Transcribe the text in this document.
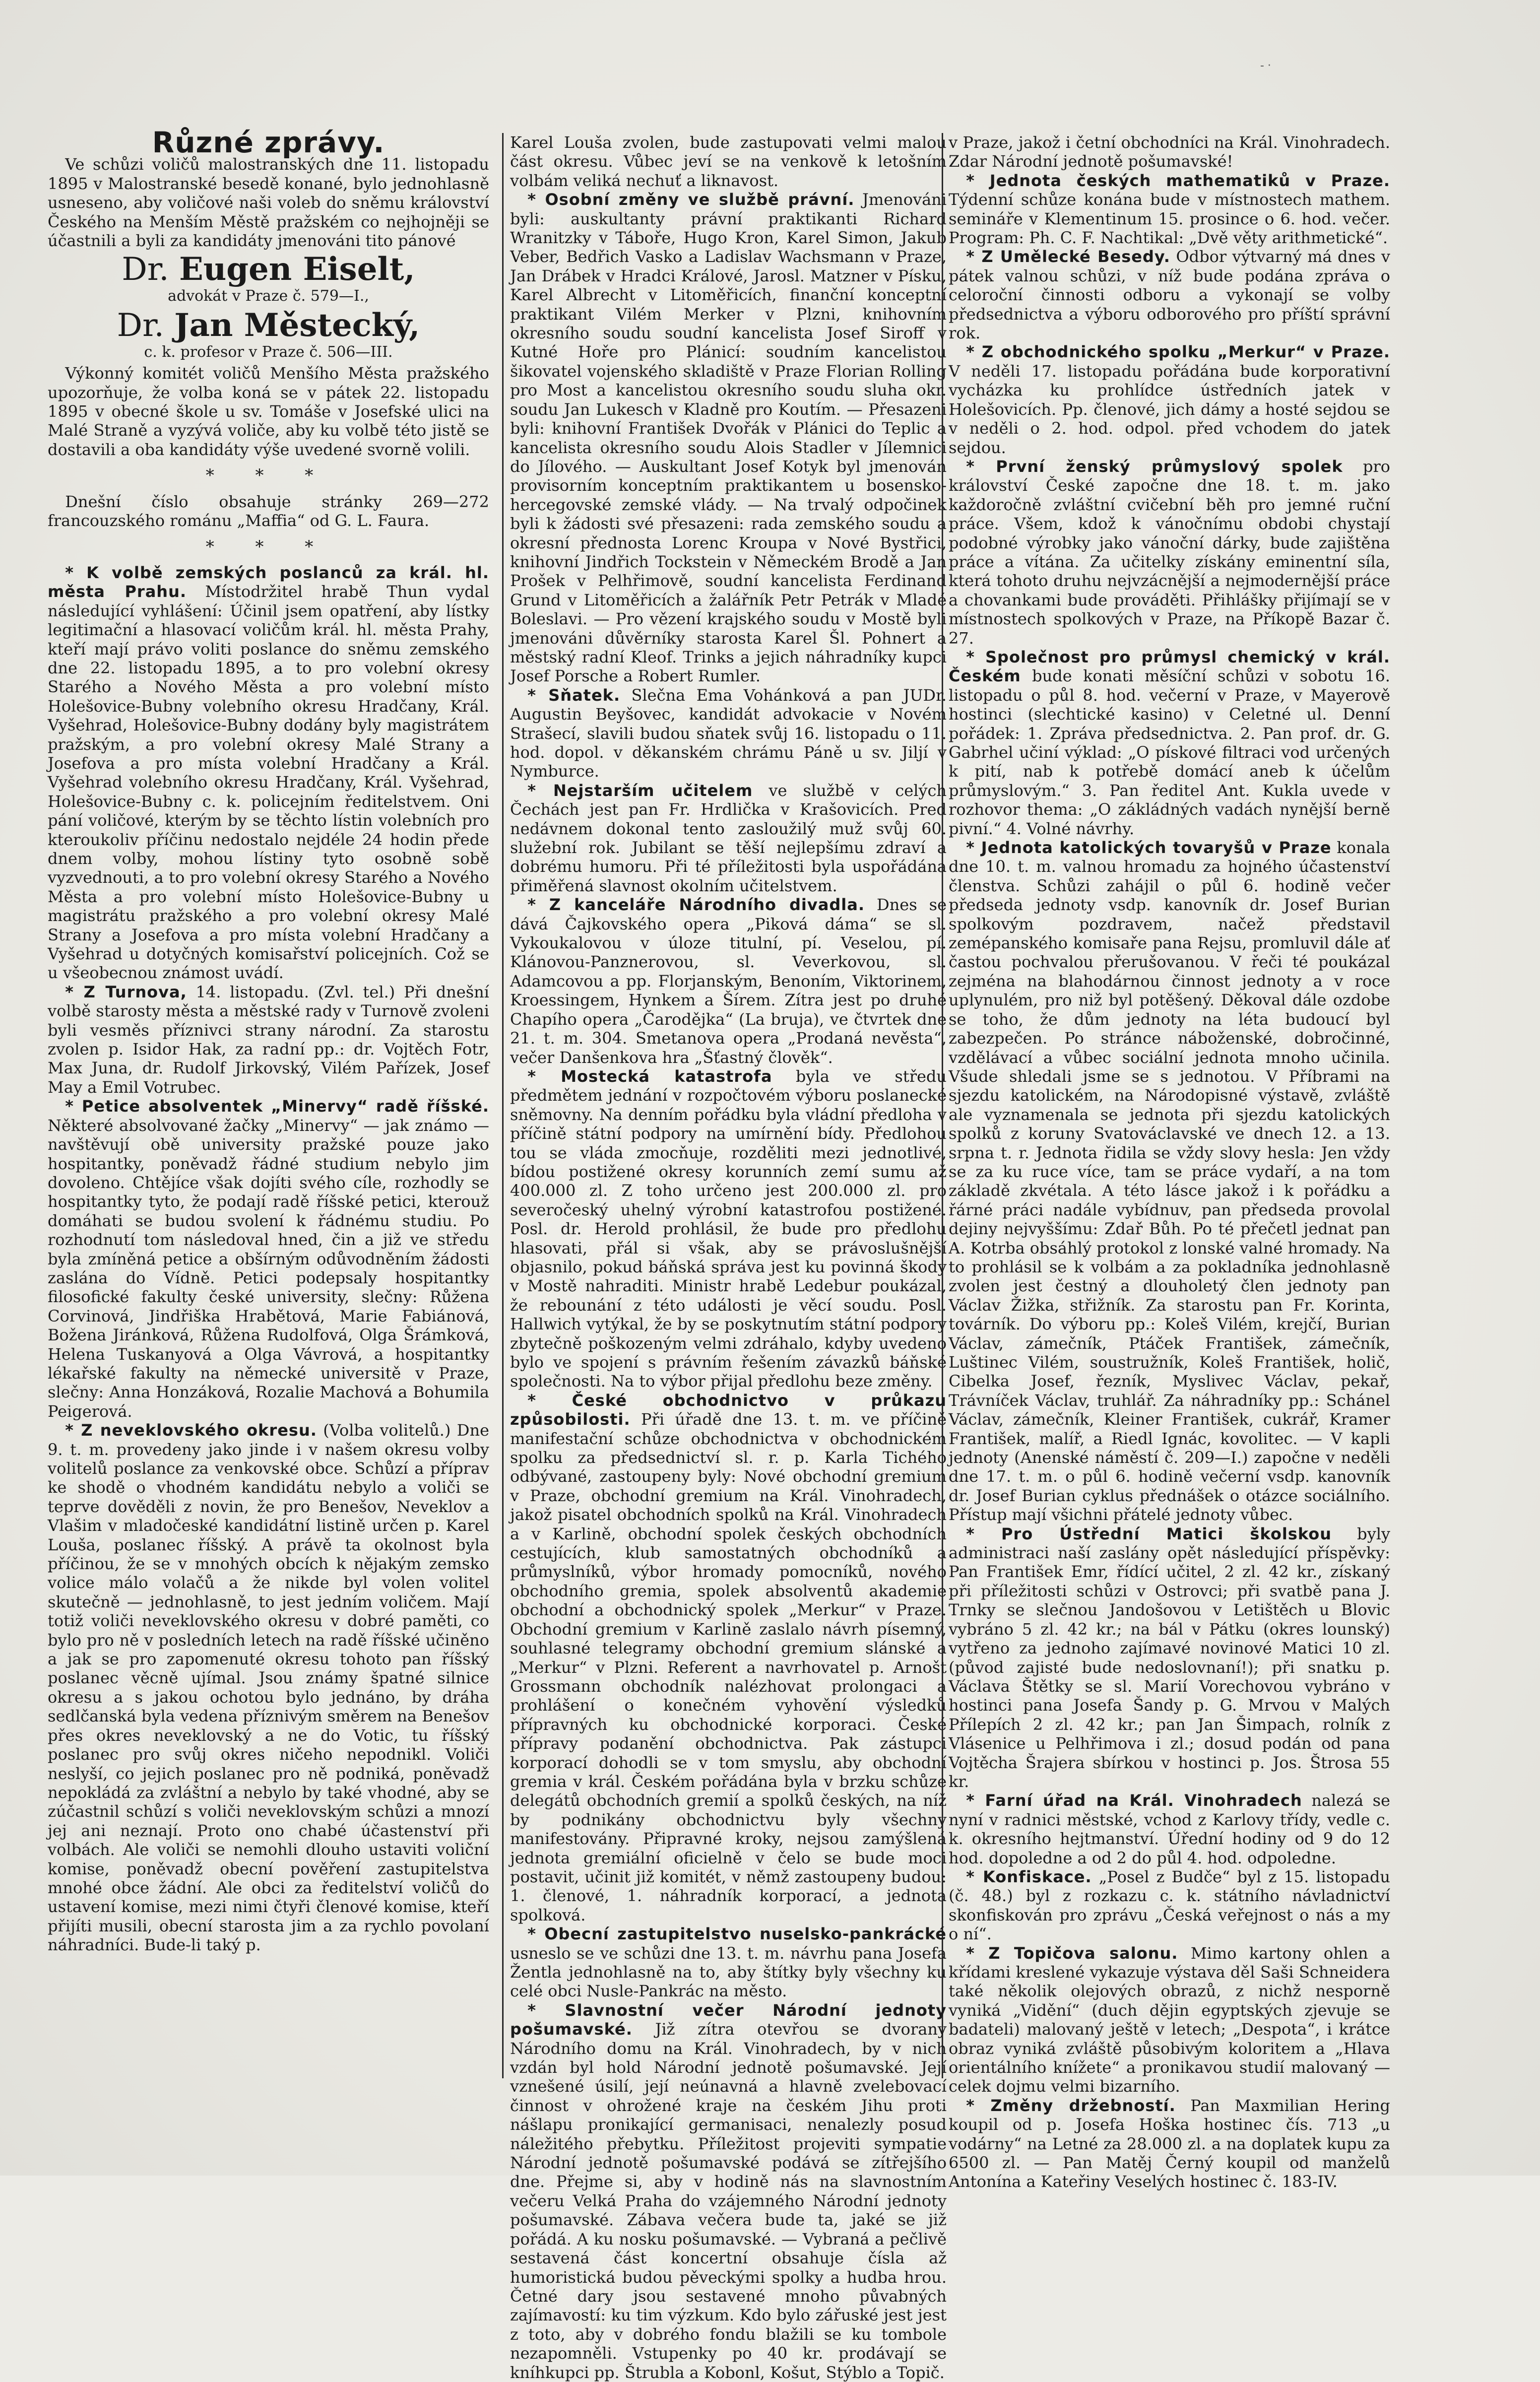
- ·
Různé zprávy.

Ve schůzi voličů malostranských dne 11. listopadu 1895 v Malostranské besedě konané, bylo jednohlasně usneseno, aby voličové naši voleb do sněmu království Českého na Menším Městě pražském co nejhojněji se účastnili a byli za kandidáty jmenováni tito pánové

Dr. Eugen Eiselt,
advokát v Praze č. 579—I.,
Dr. Jan Městecký,
c. k. profesor v Praze č. 506—III.

Výkonný komitét voličů Menšího Města pražského upozorňuje, že volba koná se v pátek 22. listopadu 1895 v obecné škole u sv. Tomáše v Josefské ulici na Malé Straně a vyzývá voliče, aby ku volbě této jistě se dostavili a oba kandidáty výše uvedené svorně volili.

* * *

Dnešní číslo obsahuje stránky 269—272 francouzského románu „Maffia“ od G. L. Faura.

* * *

* K volbě zemských poslanců za král. hl. města Prahu. Místodržitel hrabě Thun vydal následující vyhlášení: Účinil jsem opatření, aby lístky legitimační a hlasovací voličům král. hl. města Prahy, kteří mají právo voliti poslance do sněmu zemského dne 22. listopadu 1895, a to pro volební okresy Starého a Nového Města a pro volební místo Holešovice-Bubny volebního okresu Hradčany, Král. Vyšehrad, Holešovice-Bubny dodány byly magistrátem pražským, a pro volební okresy Malé Strany a Josefova a pro místa volební Hradčany a Král. Vyšehrad volebního okresu Hradčany, Král. Vyšehrad, Holešovice-Bubny c. k. policejním ředitelstvem. Oni pání voličové, kterým by se těchto lístin volebních pro kteroukoliv příčinu nedostalo nejdéle 24 hodin přede dnem volby, mohou lístiny tyto osobně sobě vyzvednouti, a to pro volební okresy Starého a Nového Města a pro volební místo Holešovice-Bubny u magistrátu pražského a pro volební okresy Malé Strany a Josefova a pro místa volební Hradčany a Vyšehrad u dotyčných komisařství policejních. Což se u všeobecnou známost uvádí.

* Z Turnova, 14. listopadu. (Zvl. tel.) Při dnešní volbě starosty města a městské rady v Turnově zvoleni byli vesměs příznivci strany národní. Za starostu zvolen p. Isidor Hak, za radní pp.: dr. Vojtěch Fotr, Max Juna, dr. Rudolf Jirkovský, Vilém Pařízek, Josef May a Emil Votrubec.

* Petice absolventek „Minervy“ radě říšské. Některé absolvované žačky „Minervy“ — jak známo — navštěvují obě university pražské pouze jako hospitantky, poněvadž řádné studium nebylo jim dovoleno. Chtějíce však dojíti svého cíle, rozhodly se hospitantky tyto, že podají radě říšské petici, kterouž domáhati se budou svolení k řádnému studiu. Po rozhodnutí tom následoval hned, čin a již ve středu byla zmíněná petice a obšírným odůvodněním žádosti zaslána do Vídně. Petici podepsaly hospitantky filosofické fakulty české university, slečny: Růžena Corvinová, Jindřiška Hrabětová, Marie Fabiánová, Božena Jiránková, Růžena Rudolfová, Olga Šrámková, Helena Tuskanyová a Olga Vávrová, a hospitantky lékařské fakulty na německé universitě v Praze, slečny: Anna Honzáková, Rozalie Machová a Bohumila Peigerová.

* Z neveklovského okresu. (Volba volitelů.) Dne 9. t. m. provedeny jako jinde i v našem okresu volby volitelů poslance za venkovské obce. Schůzí a příprav ke shodě o vhodném kandidátu nebylo a voliči se teprve dověděli z novin, že pro Benešov, Neveklov a Vlašim v mladočeské kandidátní listině určen p. Karel Louša, poslanec říšský. A právě ta okolnost byla příčinou, že se v mnohých obcích k nějakým zemsko volice málo volačů a že nikde byl volen volitel skutečně — jednohlasně, to jest jedním voličem. Mají totiž voliči neveklovského okresu v dobré paměti, co bylo pro ně v posledních letech na radě říšské učiněno a jak se pro zapomenuté okresu tohoto pan říšský poslanec věcně ujímal. Jsou známy špatné silnice okresu a s jakou ochotou bylo jednáno, by dráha sedlčanská byla vedena příznivým směrem na Benešov přes okres neveklovský a ne do Votic, tu říšský poslanec pro svůj okres ničeho nepodnikl. Voliči neslyší, co jejich poslanec pro ně podniká, poněvadž nepokládá za zvláštní a nebylo by také vhodné, aby se zúčastnil schůzí s voliči neveklovským schůzi a mnozí jej ani neznají. Proto ono chabé účastenství při volbách. Ale voliči se nemohli dlouho ustaviti voliční komise, poněvadž obecní pověření zastupitelstva mnohé obce žádní. Ale obci za ředitelství voličů do ustavení komise, mezi nimi čtyři členové komise, kteří přijíti musili, obecní starosta jim a za rychlo povolaní náhradníci. Bude-li taký p.

Karel Louša zvolen, bude zastupovati velmi malou část okresu. Vůbec jeví se na venkově k letošním volbám veliká nechuť a liknavost.

* Osobní změny ve službě právní. Jmenováni byli: auskultanty právní praktikanti Richard Wranitzky v Táboře, Hugo Kron, Karel Simon, Jakub Veber, Bedřich Vasko a Ladislav Wachsmann v Praze, Jan Drábek v Hradci Králové, Jarosl. Matzner v Písku, Karel Albrecht v Litoměřicích, finanční konceptní praktikant Vilém Merker v Plzni, knihovním okresního soudu soudní kancelista Josef Siroff v Kutné Hoře pro Plánicí: soudním kancelistou šikovatel vojenského skladiště v Praze Florian Rolling pro Most a kancelistou okresního soudu sluha okr. soudu Jan Lukesch v Kladně pro Koutím. — Přesazeni byli: knihovní František Dvořák v Plánici do Teplic a kancelista okresního soudu Alois Stadler v Jílemnici do Jílového. — Auskultant Josef Kotyk byl jmenován provisorním konceptním praktikantem u bosensko-hercegovské zemské vlády. — Na trvalý odpočinek byli k žádosti své přesazeni: rada zemského soudu a okresní přednosta Lorenc Kroupa v Nové Bystřici, knihovní Jindřich Tockstein v Německém Brodě a Jan Prošek v Pelhřimově, soudní kancelista Ferdinand Grund v Litoměřicích a žalářník Petr Petrák v Mladé Boleslavi. — Pro vězení krajského soudu v Mostě byli jmenováni důvěrníky starosta Karel Šl. Pohnert a městský radní Kleof. Trinks a jejich náhradníky kupci Josef Porsche a Robert Rumler.

* Sňatek. Slečna Ema Vohánková a pan JUDr. Augustin Beyšovec, kandidát advokacie v Novém Strašecí, slavili budou sňatek svůj 16. listopadu o 11. hod. dopol. v děkanském chrámu Páně u sv. Jiljí v Nymburce.

* Nejstarším učitelem ve službě v celých Čechách jest pan Fr. Hrdlička v Krašovicích. Pred nedávnem dokonal tento zasloužilý muž svůj 60. služební rok. Jubilant se těší nejlepšímu zdraví a dobrému humoru. Při té příležitosti byla uspořádána přiměřená slavnost okolním učitelstvem.

* Z kanceláře Národního divadla. Dnes se dává Čajkovského opera „Piková dáma“ se sl. Vykoukalovou v úloze titulní, pí. Veselou, pí. Klánovou-Panznerovou, sl. Veverkovou, sl. Adamcovou a pp. Florjanským, Benoním, Viktorinem, Kroessingem, Hynkem a Šírem. Zítra jest po druhé Chapího opera „Čarodějka“ (La bruja), ve čtvrtek dne 21. t. m. 304. Smetanova opera „Prodaná nevěsta“, večer Danšenkova hra „Šťastný člověk“.

* Mostecká katastrofa byla ve středu předmětem jednání v rozpočtovém výboru poslanecké sněmovny. Na denním pořádku byla vládní předloha v příčině státní podpory na umírnění bídy. Předlohou tou se vláda zmocňuje, rozděliti mezi jednotlivé, bídou postižené okresy korunních zemí sumu až 400.000 zl. Z toho určeno jest 200.000 zl. pro severočeský uhelný výrobní katastrofou postižené. Posl. dr. Herold prohlásil, že bude pro předlohu hlasovati, přál si však, aby se právoslušnější objasnilo, pokud báňská správa jest ku povinná škody v Mostě nahraditi. Ministr hrabě Ledebur poukázal, že rebounání z této události je věcí soudu. Posl. Hallwich vytýkal, že by se poskytnutím státní podpory zbytečně poškozeným velmi zdráhalo, kdyby uvedeno bylo ve spojení s právním řešením závazků báňské společnosti. Na to výbor přijal předlohu beze změny.

* České obchodnictvo v průkazu způsobilosti. Při úřadě dne 13. t. m. ve příčině manifestační schůze obchodnictva v obchodnickém spolku za předsednictví sl. r. p. Karla Tichého odbývané, zastoupeny byly: Nové obchodní gremium v Praze, obchodní gremium na Král. Vinohradech, jakož pisatel obchodních spolků na Král. Vinohradech a v Karlině, obchodní spolek českých obchodních cestujících, klub samostatných obchodníků a průmyslníků, výbor hromady pomocníků, nového obchodního gremia, spolek absolventů akademie obchodní a obchodnický spolek „Merkur“ v Praze. Obchodní gremium v Karlině zaslalo návrh písemný, souhlasné telegramy obchodní gremium slánské a „Merkur“ v Plzni. Referent a navrhovatel p. Arnošt Grossmann obchodník nalézhovat prolongaci a prohlášení o konečném vyhovění výsledků přípravných ku obchodnické korporaci. České přípravy podanění obchodnictva. Pak zástupci korporací dohodli se v tom smyslu, aby obchodní gremia v král. Českém pořádána byla v brzku schůze delegátů obchodních gremií a spolků českých, na níž by podnikány obchodnictvu byly všechny manifestovány. Připravné kroky, nejsou zamýšlená jednota gremiální oficielně v čelo se bude moci postavit, učinit již komitét, v němž zastoupeny budou: 1. členové, 1. náhradník korporací, a jednota spolková.

* Obecní zastupitelstvo nuselsko-pankrácké usneslo se ve schůzi dne 13. t. m. návrhu pana Josefa Žentla jednohlasně na to, aby štítky byly všechny ku celé obci Nusle-Pankrác na město.

* Slavnostní večer Národní jednoty pošumavské. Již zítra otevřou se dvorany Národního domu na Král. Vinohradech, by v nich vzdán byl hold Národní jednotě pošumavské. Její vznešené úsilí, její neúnavná a hlavně zvelebovací činnost v ohrožené kraje na českém Jihu proti nášlapu pronikající germanisaci, nenalezly posud náležitého přebytku. Příležitost projeviti sympatie Národní jednotě pošumavské podává se zítřejšího dne. Přejme si, aby v hodině nás na slavnostním večeru Velká Praha do vzájemného Národní jednoty pošumavské. Zábava večera bude ta, jaké se již pořádá. A ku nosku pošumavské. — Vybraná a pečlivě sestavená část koncertní obsahuje čísla až humoristická budou pěveckými spolky a hudba hrou. Četné dary jsou sestavené mnoho půvabných zajímavostí: ku tim výzkum. Kdo bylo zářuské jest jest z toto, aby v dobrého fondu blažili se ku tombole nezapomněli. Vstupenky po 40 kr. prodávají se kníhkupci pp. Štrubla a Kobonl, Košut, Stýblo a Topič.

v Praze, jakož i četní obchodníci na Král. Vinohradech. Zdar Národní jednotě pošumavské!

* Jednota českých mathematiků v Praze. Týdenní schůze konána bude v místnostech mathem. semináře v Klementinum 15. prosince o 6. hod. večer. Program: Ph. C. F. Nachtikal: „Dvě věty arithmetické“.

* Z Umělecké Besedy. Odbor výtvarný má dnes v pátek valnou schůzi, v níž bude podána zpráva o celoroční činnosti odboru a vykonají se volby předsednictva a výboru odborového pro příští správní rok.

* Z obchodnického spolku „Merkur“ v Praze. V neděli 17. listopadu pořádána bude korporativní vycházka ku prohlídce ústředních jatek v Holešovicích. Pp. členové, jich dámy a hosté sejdou se v neděli o 2. hod. odpol. před vchodem do jatek sejdou.

* První ženský průmyslový spolek pro království České započne dne 18. t. m. jako každoročně zvláštní cvičební běh pro jemné ruční práce. Všem, kdož k vánočnímu obdobi chystají podobné výrobky jako vánoční dárky, bude zajištěna práce a vítána. Za učitelky získány eminentní síla, která tohoto druhu nejvzácnější a nejmodernější práce a chovankami bude prováděti. Přihlášky přijímají se v místnostech spolkových v Praze, na Příkopě Bazar č. 27.

* Společnost pro průmysl chemický v král. Českém bude konati měsíční schůzi v sobotu 16. listopadu o půl 8. hod. večerní v Praze, v Mayerově hostinci (slechtické kasino) v Celetné ul. Denní pořádek: 1. Zpráva předsednictva. 2. Pan prof. dr. G. Gabrhel učiní výklad: „O pískové filtraci vod určených k pití, nab k potřebě domácí aneb k účelům průmyslovým.“ 3. Pan ředitel Ant. Kukla uvede v rozhovor thema: „O zákládných vadách nynější berně pivní.“ 4. Volné návrhy.

* Jednota katolických tovaryšů v Praze konala dne 10. t. m. valnou hromadu za hojného účastenství členstva. Schůzi zahájil o půl 6. hodině večer předseda jednoty vsdp. kanovník dr. Josef Burian spolkovým pozdravem, načež představil zemépanského komisaře pana Rejsu, promluvil dále ať častou pochvalou přerušovanou. V řeči té poukázal zejména na blahodárnou činnost jednoty a v roce uplynulém, pro niž byl potěšený. Děkoval dále ozdobe se toho, že dům jednoty na léta budoucí byl zabezpečen. Po stránce náboženské, dobročinné, vzdělávací a vůbec sociální jednota mnoho učinila. Všude shledali jsme se s jednotou. V Příbrami na sjezdu katolickém, na Národopisné výstavě, zvláště ale vyznamenala se jednota při sjezdu katolických spolků z koruny Svatováclavské ve dnech 12. a 13. srpna t. r. Jednota řidila se vždy slovy hesla: Jen vždy se za ku ruce více, tam se práce vydaří, a na tom základě zkvétala. A této lásce jakož i k pořádku a řárné práci nadále vybídnuv, pan předseda provolal dejiny nejvyššímu: Zdař Bůh. Po té přečetl jednat pan A. Kotrba obsáhlý protokol z lonské valné hromady. Na to prohlásil se k volbám a za pokladníka jednohlasně zvolen jest čestný a dlouholetý člen jednoty pan Václav Žižka, střižník. Za starostu pan Fr. Korinta, továrník. Do výboru pp.: Koleš Vilém, krejčí, Burian Václav, zámečník, Ptáček František, zámečník, Luštinec Vilém, soustružník, Koleš František, holič, Cibelka Josef, řezník, Myslivec Václav, pekař, Trávníček Václav, truhlář. Za náhradníky pp.: Schánel Václav, zámečník, Kleiner František, cukrář, Kramer František, malíř, a Riedl Ignác, kovolitec. — V kapli jednoty (Anenské náměstí č. 209—I.) započne v neděli dne 17. t. m. o půl 6. hodině večerní vsdp. kanovník dr. Josef Burian cyklus přednášek o otázce sociálního. Přístup mají všichni přátelé jednoty vůbec.

* Pro Ústřední Matici školskou byly administraci naší zaslány opět následující příspěvky: Pan František Emr, řídící učitel, 2 zl. 42 kr., získaný při příležitosti schůzi v Ostrovci; při svatbě pana J. Trnky se slečnou Jandošovou v Letištěch u Blovic vybráno 5 zl. 42 kr.; na bál v Pátku (okres lounský) vytřeno za jednoho zajímavé novinové Matici 10 zl. (původ zajisté bude nedoslovnaní!); při snatku p. Václava Štětky se sl. Marií Vorechovou vybráno v hostinci pana Josefa Šandy p. G. Mrvou v Malých Přílepích 2 zl. 42 kr.; pan Jan Šimpach, rolník z Vlásenice u Pelhřimova i zl.; dosud podán od pana Vojtěcha Šrajera sbírkou v hostinci p. Jos. Štrosa 55 kr.

* Farní úřad na Král. Vinohradech nalezá se nyní v radnici městské, vchod z Karlovy třídy, vedle c. k. okresního hejtmanství. Úřední hodiny od 9 do 12 hod. dopoledne a od 2 do půl 4. hod. odpoledne.

* Konfiskace. „Posel z Budče“ byl z 15. listopadu (č. 48.) byl z rozkazu c. k. státního návladnictví skonfiskován pro zprávu „Česká veřejnost o nás a my o ní“.

* Z Topičova salonu. Mimo kartony ohlen a křídami kreslené vykazuje výstava děl Saši Schneidera také několik olejových obrazů, z nichž nesporně vyniká „Vidění“ (duch dějin egyptských zjevuje se badateli) malovaný ještě v letech; „Despota“, i krátce obraz vyniká zvláště působivým koloritem a „Hlava orientálního knížete“ a pronikavou studií malovaný — celek dojmu velmi bizarního.

* Změny držebností. Pan Maxmilian Hering koupil od p. Josefa Hoška hostinec čís. 713 „u vodárny“ na Letné za 28.000 zl. a na doplatek kupu za 6500 zl. — Pan Matěj Černý koupil od manželů Antonína a Kateřiny Veselých hostinec č. 183-IV.
